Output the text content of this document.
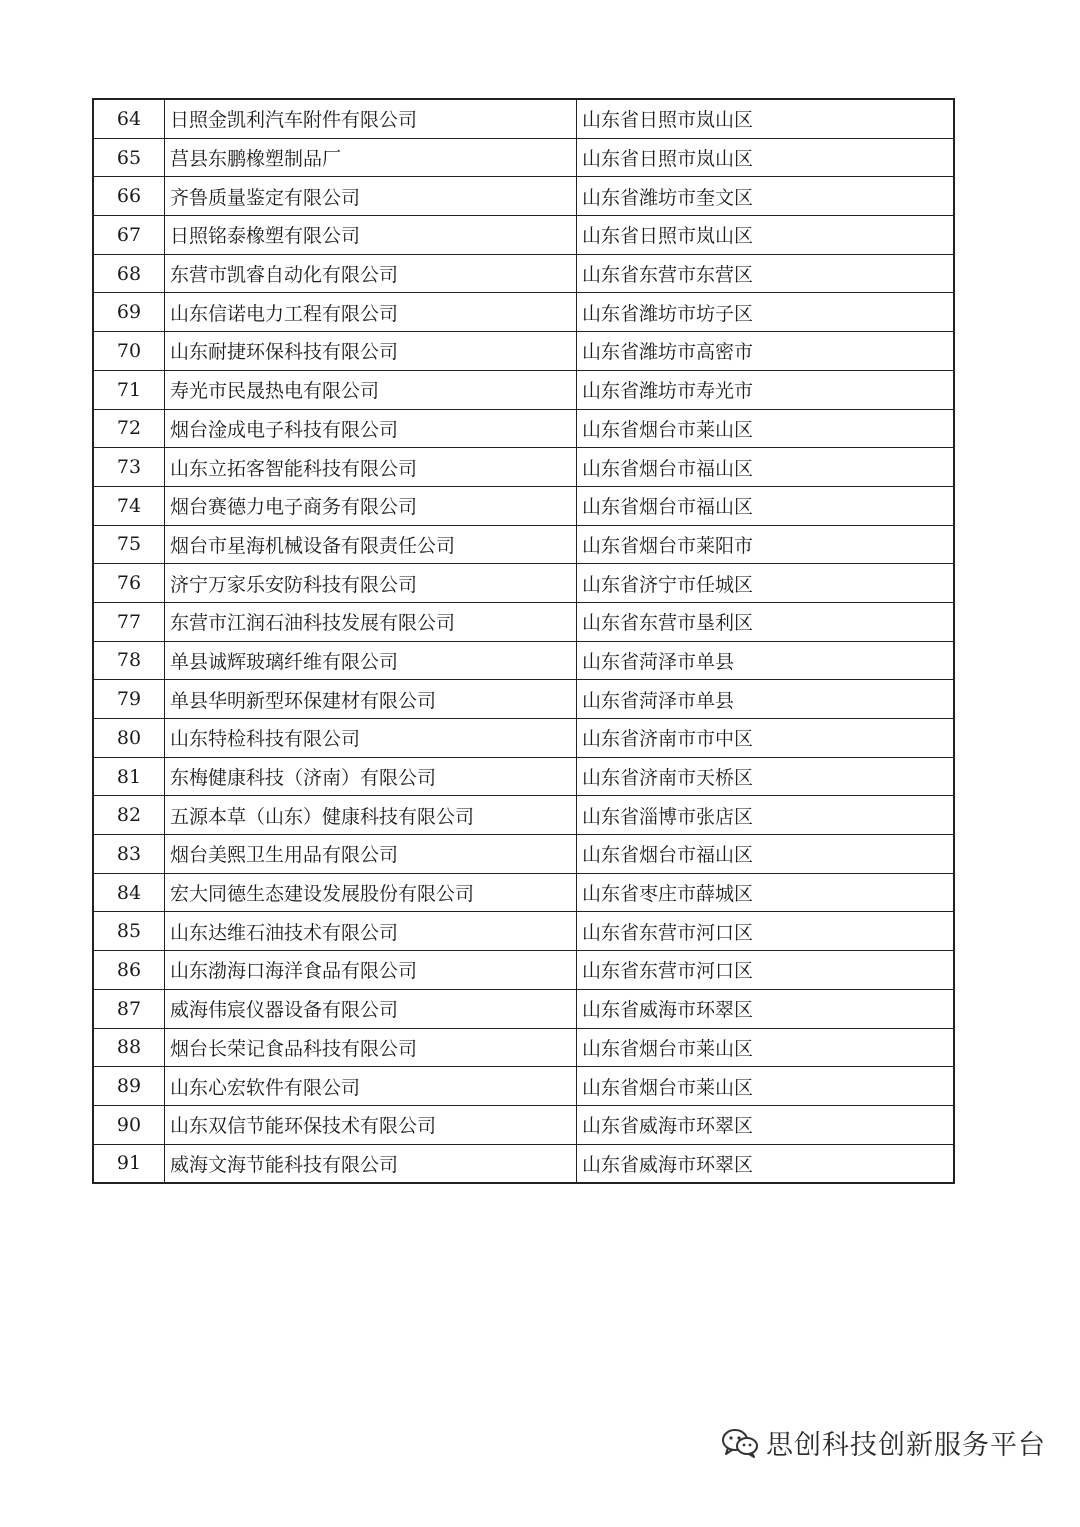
64	日照金凯利汽车附件有限公司	山东省日照市岚山区
65	莒县东鹏橡塑制品厂	山东省日照市岚山区
66	齐鲁质量鉴定有限公司	山东省潍坊市奎文区
67	日照铭泰橡塑有限公司	山东省日照市岚山区
68	东营市凯睿自动化有限公司	山东省东营市东营区
69	山东信诺电力工程有限公司	山东省潍坊市坊子区
70	山东耐捷环保科技有限公司	山东省潍坊市高密市
71	寿光市民晟热电有限公司	山东省潍坊市寿光市
72	烟台淦成电子科技有限公司	山东省烟台市莱山区
73	山东立拓客智能科技有限公司	山东省烟台市福山区
74	烟台赛德力电子商务有限公司	山东省烟台市福山区
75	烟台市星海机械设备有限责任公司	山东省烟台市莱阳市
76	济宁万家乐安防科技有限公司	山东省济宁市任城区
77	东营市江润石油科技发展有限公司	山东省东营市垦利区
78	单县诚辉玻璃纤维有限公司	山东省菏泽市单县
79	单县华明新型环保建材有限公司	山东省菏泽市单县
80	山东特检科技有限公司	山东省济南市市中区
81	东梅健康科技（济南）有限公司	山东省济南市天桥区
82	五源本草（山东）健康科技有限公司	山东省淄博市张店区
83	烟台美熙卫生用品有限公司	山东省烟台市福山区
84	宏大同德生态建设发展股份有限公司	山东省枣庄市薛城区
85	山东达维石油技术有限公司	山东省东营市河口区
86	山东渤海口海洋食品有限公司	山东省东营市河口区
87	威海伟宸仪器设备有限公司	山东省威海市环翠区
88	烟台长荣记食品科技有限公司	山东省烟台市莱山区
89	山东心宏软件有限公司	山东省烟台市莱山区
90	山东双信节能环保技术有限公司	山东省威海市环翠区
91	威海文海节能科技有限公司	山东省威海市环翠区
思创科技创新服务平台
